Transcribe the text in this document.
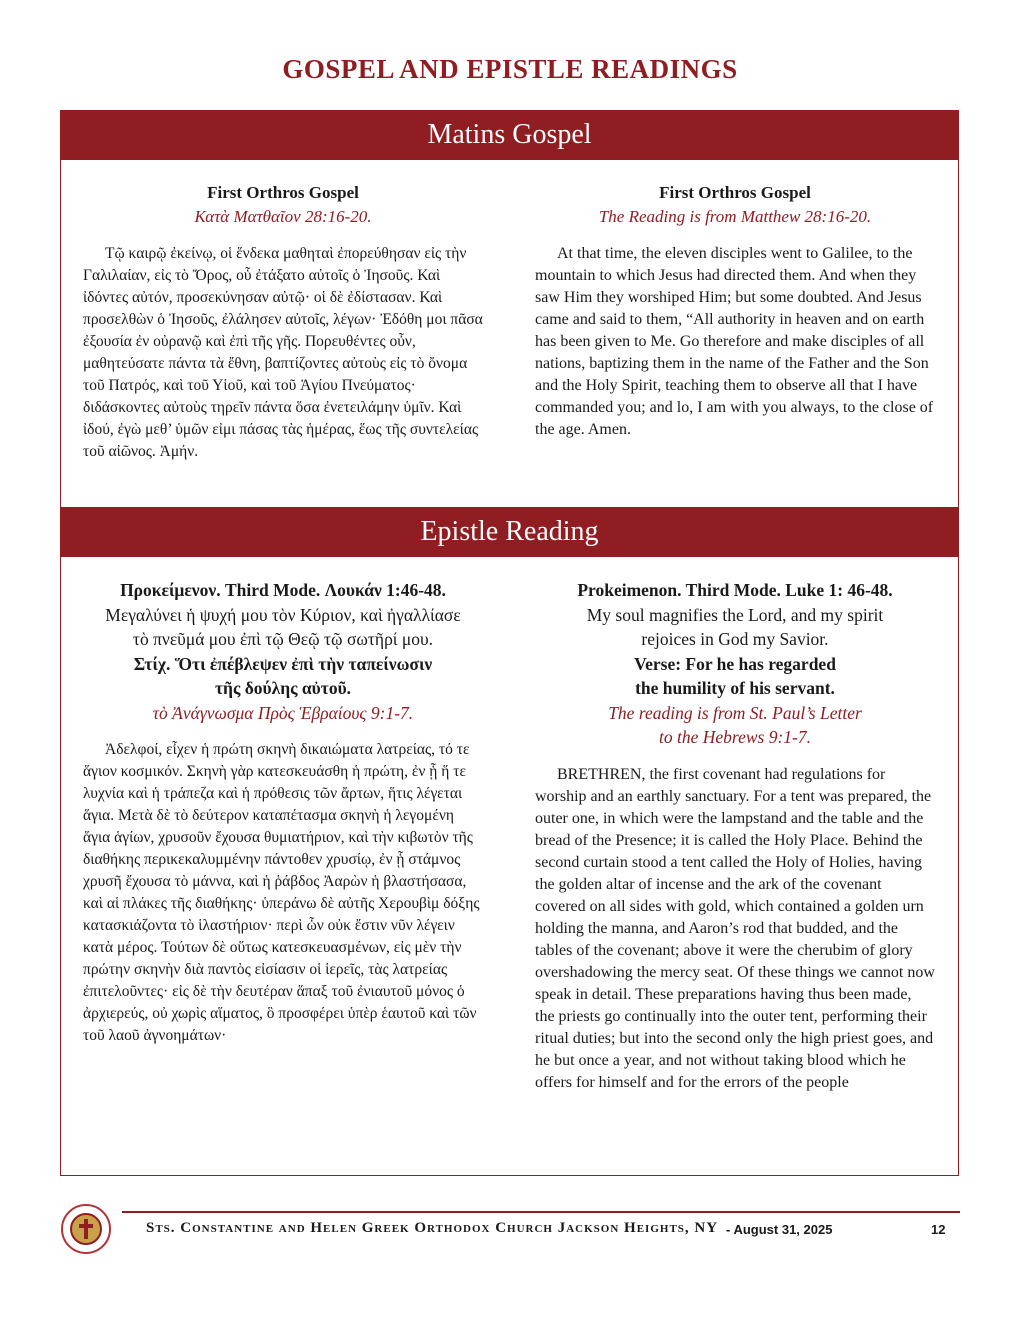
GOSPEL AND EPISTLE READINGS
Matins Gospel
First Orthros Gospel
Κατὰ Ματθαῖον 28:16-20.
Τῷ καιρῷ ἐκείνῳ, οἱ ἕνδεκα μαθηταὶ ἐπορεύθησαν εἰς τὴν Γαλιλαίαν, εἰς τὸ Ὄρος, οὗ ἐτάξατο αὐτοῖς ὁ Ἰησοῦς. Καὶ ἰδόντες αὐτόν, προσεκύνησαν αὐτῷ· οἱ δὲ ἐδίστασαν. Καὶ προσελθὼν ὁ Ἰησοῦς, ἐλάλησεν αὐτοῖς, λέγων· Ἐδόθη μοι πᾶσα ἐξουσία ἐν οὐρανῷ καὶ ἐπὶ τῆς γῆς. Πορευθέντες οὖν, μαθητεύσατε πάντα τὰ ἔθνη, βαπτίζοντες αὐτοὺς εἰς τὸ ὄνομα τοῦ Πατρός, καὶ τοῦ Υἱοῦ, καὶ τοῦ Ἁγίου Πνεύματος· διδάσκοντες αὐτοὺς τηρεῖν πάντα ὅσα ἐνετειλάμην ὑμῖν. Καὶ ἰδού, ἐγὼ μεθ’ ὑμῶν εἰμι πάσας τὰς ἡμέρας, ἕως τῆς συντελείας τοῦ αἰῶνος. Ἀμήν.
First Orthros Gospel
The Reading is from Matthew 28:16-20.
At that time, the eleven disciples went to Galilee, to the mountain to which Jesus had directed them. And when they saw Him they worshiped Him; but some doubted. And Jesus came and said to them, “All authority in heaven and on earth has been given to Me. Go therefore and make disciples of all nations, baptizing them in the name of the Father and the Son and the Holy Spirit, teaching them to observe all that I have commanded you; and lo, I am with you always, to the close of the age. Amen.
Epistle Reading
Προκείμενον. Third Mode. Λουκάν 1:46-48.
Μεγαλύνει ἡ ψυχή μου τὸν Κύριον, καὶ ἠγαλλίασε
τὸ πνεῦμά μου ἐπὶ τῷ Θεῷ τῷ σωτῆρί μου.
Στίχ. Ὅτι ἐπέβλεψεν ἐπὶ τὴν ταπείνωσιν
τῆς δούλης αὐτοῦ.
τὸ Ἀνάγνωσμα Πρὸς Ἑβραίους 9:1-7.
Ἀδελφοί, εἶχεν ἡ πρώτη σκηνὴ δικαιώματα λατρείας, τό τε ἅγιον κοσμικόν. Σκηνὴ γὰρ κατεσκευάσθη ἡ πρώτη, ἐν ᾗ ἥ τε λυχνία καὶ ἡ τράπεζα καὶ ἡ πρόθεσις τῶν ἄρτων, ἥτις λέγεται ἅγια. Μετὰ δὲ τὸ δεύτερον καταπέτασμα σκηνὴ ἡ λεγομένη ἅγια ἁγίων, χρυσοῦν ἔχουσα θυμιατήριον, καὶ τὴν κιβωτὸν τῆς διαθήκης περικεκαλυμμένην πάντοθεν χρυσίῳ, ἐν ᾗ στάμνος χρυσῆ ἔχουσα τὸ μάννα, καὶ ἡ ῥάβδος Ἀαρὼν ἡ βλαστήσασα, καὶ αἱ πλάκες τῆς διαθήκης· ὑπεράνω δὲ αὐτῆς Χερουβὶμ δόξης κατασκιάζοντα τὸ ἱλαστήριον· περὶ ὧν οὐκ ἔστιν νῦν λέγειν κατὰ μέρος. Τούτων δὲ οὕτως κατεσκευασμένων, εἰς μὲν τὴν πρώτην σκηνὴν διὰ παντὸς εἰσίασιν οἱ ἱερεῖς, τὰς λατρείας ἐπιτελοῦντες· εἰς δὲ τὴν δευτέραν ἅπαξ τοῦ ἐνιαυτοῦ μόνος ὁ ἀρχιερεύς, οὐ χωρὶς αἵματος, ὃ προσφέρει ὑπὲρ ἑαυτοῦ καὶ τῶν τοῦ λαοῦ ἀγνοημάτων·
Prokeimenon. Third Mode. Luke 1: 46-48.
My soul magnifies the Lord, and my spirit
rejoices in God my Savior.
Verse: For he has regarded
the humility of his servant.
The reading is from St. Paul’s Letter
to the Hebrews 9:1-7.
BRETHREN, the first covenant had regulations for worship and an earthly sanctuary. For a tent was prepared, the outer one, in which were the lampstand and the table and the bread of the Presence; it is called the Holy Place. Behind the second curtain stood a tent called the Holy of Holies, having the golden altar of incense and the ark of the covenant covered on all sides with gold, which contained a golden urn holding the manna, and Aaron’s rod that budded, and the tables of the covenant; above it were the cherubim of glory overshadowing the mercy seat. Of these things we cannot now speak in detail. These preparations having thus been made, the priests go continually into the outer tent, performing their ritual duties; but into the second only the high priest goes, and he but once a year, and not without taking blood which he offers for himself and for the errors of the people
Sts. Constantine and Helen Greek Orthodox Church Jackson Heights, NY - August 31, 2025	12
